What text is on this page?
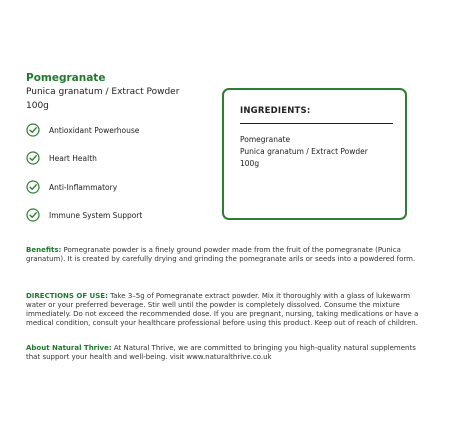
Pomegranate
Punica granatum / Extract Powder
100g
Antioxidant Powerhouse
Heart Health
Anti-Inflammatory
Immune System Support
INGREDIENTS:
Pomegranate
Punica granatum / Extract Powder
100g
Benefits: Pomegranate powder is a finely ground powder made from the fruit of the pomegranate (Punica granatum). It is created by carefully drying and grinding the pomegranate arils or seeds into a powdered form.
DIRECTIONS OF USE: Take 3–5g of Pomegranate extract powder. Mix it thoroughly with a glass of lukewarm water or your preferred beverage. Stir well until the powder is completely dissolved. Consume the mixture immediately. Do not exceed the recommended dose. If you are pregnant, nursing, taking medications or have a medical condition, consult your healthcare professional before using this product. Keep out of reach of children.
About Natural Thrive: At Natural Thrive, we are committed to bringing you high-quality natural supplements that support your health and well-being. visit www.naturalthrive.co.uk
